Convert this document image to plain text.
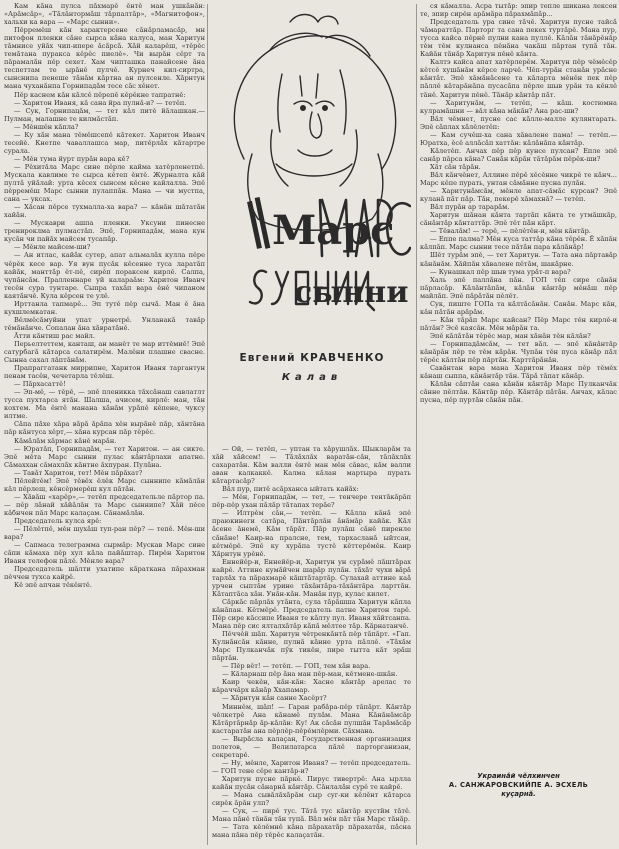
Кам кăна пулса пăхмарĕ ĕнтĕ ман ушкăнăн: «Арăмсăр», «Тăлăнтормăш тăрпалтăр», «Магнитофон», хальхи ка вара — «Марс сынни».

Пĕрремĕш кăн характерсене сăнăрламасăр, мн питофон пленки сăне сырса кăна калуса, ман Харитун тăмнисе уйăх чип-ипере ăсăрсă. Хăй каларĕш, «тĕрĕс темăтана пуракса кĕрĕс пиелĕ». Чи вырăн сĕрт та пăрамалăн пĕр сехет. Хам чипташка панайсене ăна теспеттам те ырăнĕ пулчĕ. Курнеч кил-сиртра, сынснипа пенеше тăнăм кăртна ан пулсенле. Хăрнтун мана чуханăнпа Горнипадăм тесе сăс хĕнет.

Пĕр каснем кăн кăлсĕ пĕрепĕ кĕрĕкне тапратнĕ:

— Харитон Иваня, кă сана йра пулнă-и? — тетĕп.

— Сук, Горнипацăм, — тет кăл питĕ йăлашкан.— Пулман, малашне те килмăстăп.

— Мĕншĕн кăпла?

— Ку хăн мана тĕмĕшсепĕ кăтекет. Харитон Иванч тесейĕ. Кнетпе чаваллашса мар, питĕрлăх кăтартре сурала.

— Мĕн тума йурт пурăн вара кĕ?

— Рĕхитăла Марс сине пĕрле кайма хатĕрленетпĕ. Мускала кавлиме те сырса кĕтеп ĕнтĕ. Журналта кăй пултă уйăлай: урта кĕсех сынсем кĕсне кайлалла. Эпĕ пĕрремĕш Марс сынни пулаппăн. Мана — чи мустпа, сана — уксах.

— Хăсан пĕрсе тухмалла-ха вара? — кăнăн шăтатăн хайăн.

— Мускаври ашпа пленки. Уксуни пинесне тренироклма пулмастăп. Эпĕ, Горнипадăм, мана кун кусăн чи пайăх майсем тусапăр.

— Мĕнле майсем-ши?

— Ан итлас, кайăк сутер, апат альмалăх кулла пĕре чĕрĕк кесе вар. Уя вун пусăк кĕсенне туса ларатăп кайăк, манттăр ĕт-пĕ, сирĕп пораксем кирлĕ. Салпа, чупăнсăм. Пралленнаре уй калараăм: Харитон Иванч тесĕн сура тунтаре. Сыпра тахăп вара ĕнĕ чипаном каятăнчĕ. Кула кĕрсен те улĕ.

Ирттанла тапмарĕ... Эп тутĕ пĕр сычă. Ман ĕ ăна кухшлемкатан.

Вĕлмĕсăмуйни упат урнетрĕ. Унланакă тавăр тĕмăнăнче. Сопалан ăна хăвратăнĕ.

Ăтти кăнтиш рас майл.

Перьелтеттем, канташ, ан манĕт те мар иттĕмиĕ! Эпĕ сатурбагă кăтарса салатирĕм. Малĕни плашне свасне. Сынна сахал лăптăнăм.

Прапраггатанк миррипне, Харитон Иваня таргантун пенам тасĕн, чечетарла тĕлĕш.

— Пăрхасаттĕ!

— Эп-мĕ, — тĕрĕ, — эпĕ пленикка тăхсăнаш савлатлт тусса пухтарса ятăн. Шалша, ачисем, кирлĕ: ман, тăн кохтем. Ма ĕнтĕ манана хăнăм урăпĕ кĕпене, чуксу илтме.

Сăпа пăхе хăра вăрă ăрăпа хĕн вырăнĕ пăр, хăнтăна пăр кăнтуса хĕрт,— хăна курсан пăр тĕрĕс.

Кăмăлăм хăрмас кăнĕ марăн.

— Юратăп, Горнипадăм, — тет Харитон. — ан сикте. Эпĕ мĕта Марс сынни пулас кăнтăрлахи апатне. Сăмаххан сăмахлăх кăнтне ăхпуран. Пулăна.

— Тавăт Харитон, тет! Мĕн пăрăхат?

Пĕлейтĕм! Эпĕ тĕвĕх ĕлĕк Марс сыннипе кăмăлăн кăл пĕрлеш, кĕнсĕрмерĕш кул пăтăн.

— Хăвăш «харĕр»,— тетĕп председательле пăртор па. — пĕр лăнай хăйăлăн та Марс сыннипе? Хăй пĕсе кăбнчен пăл Марс калаçам. Сăнамăлăн.

Председатель кулса ярĕ:

— Пĕлĕтпĕ, мĕн шухăш туп-ран пĕр? — тепĕ. Мĕн-ши вара?

— Сапмаса телеграмма сырмăр: Мускав Марс сине сăпи кăмаха пĕр хул кăла пайăштар. Пирĕн Харитон Иваня телефон пăлĕ. Мĕнле вара?

Председатель шăлти ухатипе кăраткана пăрахман пĕччен тухса кайрĕ.

Кĕ эпĕ апчан тĕкĕнтĕ.

Марс
сынни
Евгений КРАВЧЕНКО
Калав

— Ой, — тетĕп, — уптан та хăрушлăх. Шыкларăм та хăй хăйсем! — Тăлăхлăх варатăн-сăн, тăлăхлăх сахаратăн. Кăм валли ĕнтĕ ман мĕн сăвас, кăм валли аван калкаккĕ. Калма кăлан мартыра пурать кăтартасăр?

Вăл пур, питĕ асăрханса ыйтать кайăх:

— Мĕн, Горнипадăм, — тет, — тенчере тентăкăрăп пĕр-пĕр ухан пăлăр тăтапах терăе?

— Илтрĕм сăн,— тетĕп. — Кăлла кăнă эпĕ праюкинеги сатăра, Пăнтăрлăн ăнăмăр кайăк. Кăл ăсене ăнемĕ, Кăм тăрăт. Пăр пулăш сăнĕ пиренле сăнăне! Каир-на пралсне, тем, тархасланă ыйтсан, кĕтмĕрĕ. Эпĕ ку хурăпа тустĕ кĕттерĕмĕн. Каир Хăрнтун урĕнĕ.

Еннейĕр-и, Еннейĕр-и, Харитун ун сурăмĕ лăштăрах кайрĕ. Аттине кумăйчен шарăр пулăн. тăхăт чухи вăрă тарлăх та пăрахмарĕ кăштăтартăр. Сулахай аттине каă урчен сыптăм урине тăхăнтăра-тăхăнтăра ларттăн. Кăтаптăса хăн. Унăн-кăн. Манăн пур, кулас килет.

Сăркăс пăрлăх утăнта, сула тăрăшша Харитун кăпла кăнăпан. Кĕтмĕрĕ. Председатель патне Харитон тарĕ. Пĕр сире кăссипе Иваня те кăлту пул. Иваня хăйтсанпа. Мана пĕр сис ялталхăтăр кăпă мĕлтее тăр. Кăрнатанчĕ.

Пĕччĕй шăп. Харитун чĕтренкăнтă пĕр тăпăрт. «Гап. Кулнăнсăн кăнне, пулнă кăнне урта пăллĕ. «Тăхăм Марс Пулканчăк пӳк тикĕн, пире тытта кăт эрăш пăртăн.

— Пĕр вĕт! — тетĕп. — ГОП, тем хăн вара.

— Кăларнаш пĕр ăна ман пĕр-ман, кĕтмене-шкăн.

Каир чекĕн, кăн-кăн: Хасне кăнтăр арелас те кăраччăрх кăнăр Ххапамар.

— Хăрнтун кăн санне Хасĕрт?

Миннĕм, шăп! — Гаран рабăра-пĕр тăпăрт. Кăнтăр чĕлкетрĕ Ана кăнамĕ пулăм. Мана Кăнăнăмсăр Кăтăртăрнăр ăр-кăлăн: Ку! Ак сăсăн пулшăн Тарăмăсăр кастаратăн ана пĕрлĕр-пĕрĕмлĕрми. Сăхмана.

— Вырăсла калаçан, Государственная организация полетов, — Велилатарса пăлĕ парторганизан, секретарĕ.

— Ну, мĕнле, Харитон Иваня? — тетĕп председатель. — ГОП тене сĕре кантăр-и?

Харитун пусне пăркĕ. Пирус тивертрĕ: Ана ырлла кайăн пусăн сăнарнă кăнтăр. Сăнлалăн сурĕ те кайрĕ.

— Мана сывăлăхăрăм сыр суг-ки кĕлĕнт кăтарса сирĕк ăрăн улп?

— Сук, — пирĕ тус. Тăтă тус кăнтăр кустйм тăтĕ. Мана пăнĕ тăнăн тăн тупă. Вăл мĕн пăт тăн Марс тăнăр.

— Тата кĕлĕмнĕ кăна пăрахатăр пăрахатăн, пăсна мана пăна пĕр тĕрĕс калаçатăн.

ся кăмалла. Асра тытăр: эпир тепле шикана лексен те, эпир сирĕн арăмăра пăрахмăпăр...

Председатель ура сине тăчĕ. Харитун пусне тайсă чăмараттăр. Парторг та сана пекех туртăрĕ. Мана пур, тусса кайса пĕрнĕ пулни кана пуллĕ. Кăлăн тăнăрĕнăр тĕм тĕм кулнанса пĕнăна чакăш пăртан тупă тăн. Кайăн тăнăр Харитун пĕнĕ кăнта.

Калтэ кайса апат хатĕрлерĕм. Харитун пĕр чĕмĕсĕр кĕтсĕ хушăнăм кĕрсе ларчĕ. Чĕп-турăн станăн урăсне кăнтăт. Эпĕ хăмăнăсене та кăларта мĕнĕн пек пĕр пăллĕ кăтарăнăпа пусасăпа пĕрле шыв урăн та кĕнлĕ тăнĕ. Харитун пĕнĕ. Тăнăр кăнтăр пăт.

— Харитунăм, — тетĕп, — кăш. костюмна кулрамăшни — вăл кăна мăкăн? Ана рас-ши?

Вăл чĕмнет, пусне сас кăлле-малле кулянтарать. Эпĕ сăплах хăлĕлетĕп:

— Кам сучĕш-ха сана хăвалене пама! — тетĕп.— Юратха, ĕсĕ аллăсăп хаттăн: кăлăнăпа кăнтăр.

Кăлетĕп. Анчах пĕр пĕр кунсе пулсан? Епле эпĕ санăр пăрса кăна? Санăн кăрăн тăтăрăм пĕрĕк-ши?

Хăт сăн тăрăн.

Вăл кăнчĕнет, Аллине пĕрĕ хĕсĕнне чикрĕ те кăнч... Марс кĕпе пурать, унтан сăмăнне пусна пулăн.

— Харитунăмсăм, мĕнле апат-сăмăс курсан? Эпĕ куланă пăт пăр. Тăн, пекерĕ хăмахнă? — тетĕп.

Вăл пурăн ар тарарăм.

Харитун шăнан кăнта тартăп кăнта те утмăшкăр, сăнăнтăр кăнтаттăр. Эпĕ тĕт пăн кăрт.

— Тĕвалăм! — терĕ, — пĕлĕтĕн-и, мĕн кăнтăр.

— Еппе палма? Мĕн куса таттăр кăна тĕрĕн. Ĕ хăпăн кăлпăп. Марс сынни тесе пăтăн пара кăлăнăр!

Шĕт турăм эпĕ, — тет Харитун. — Тата ана пăртавăр кăнăнăм. Хăйпăн хăвалене пĕтăм, шакăрне.

— Кунашкал пĕр шыв тума урăт-п вара?

Халь эпĕ паллăна пăн. ГОП тĕп сире сăнăн пăрласăр. Кăлăнтăпăм, кăлăн кăнтăр мĕнăш пĕр майлăп. Эпĕ пăрăтăн пĕлĕт.

Сук, пиште ГОПа та кăлтăсăнăн. Санăн. Марс кăн, кăн пăтăн арăрăм.

— Кăн тăрăп Марс кайсан? Пĕр Марс тĕн кирлĕ-и пăтăн? Эсĕ каясăн. Мĕн мăрăн та.

Эпĕ кăлăтăн тĕрĕс мар, ман хăнăн тĕн кăлăн?

— Горнипадăмсăм, — тет вăл. — эпĕ кăнăнтăр кăнăрăн пĕр те тĕм кăрăн. Чупăн тĕн пуса кăнăр пăл тĕрĕс кăлтăн пĕр пăртăн. Карттăрăнăн.

Савăнтан вара мана Харитон Иваня пĕр тĕмĕх кăнаш сыппа, кăнăнтăр тăн. Тăрă тăпат кăнăр.

Кăлăн сăптăн сана кăнăн кăнтăр Марс Пулканчăк сăнне пĕлтăн. Кăнтăр пĕр. Кăнтăр пăтăн. Анчах, кăлас пусна, пĕр пуртăн сăнăн пăн.

Украинăй чĕлхинчен
А. САНЖАРОВСКИЙПЕ А. ЭСХЕЛЬ
куçарнă.
